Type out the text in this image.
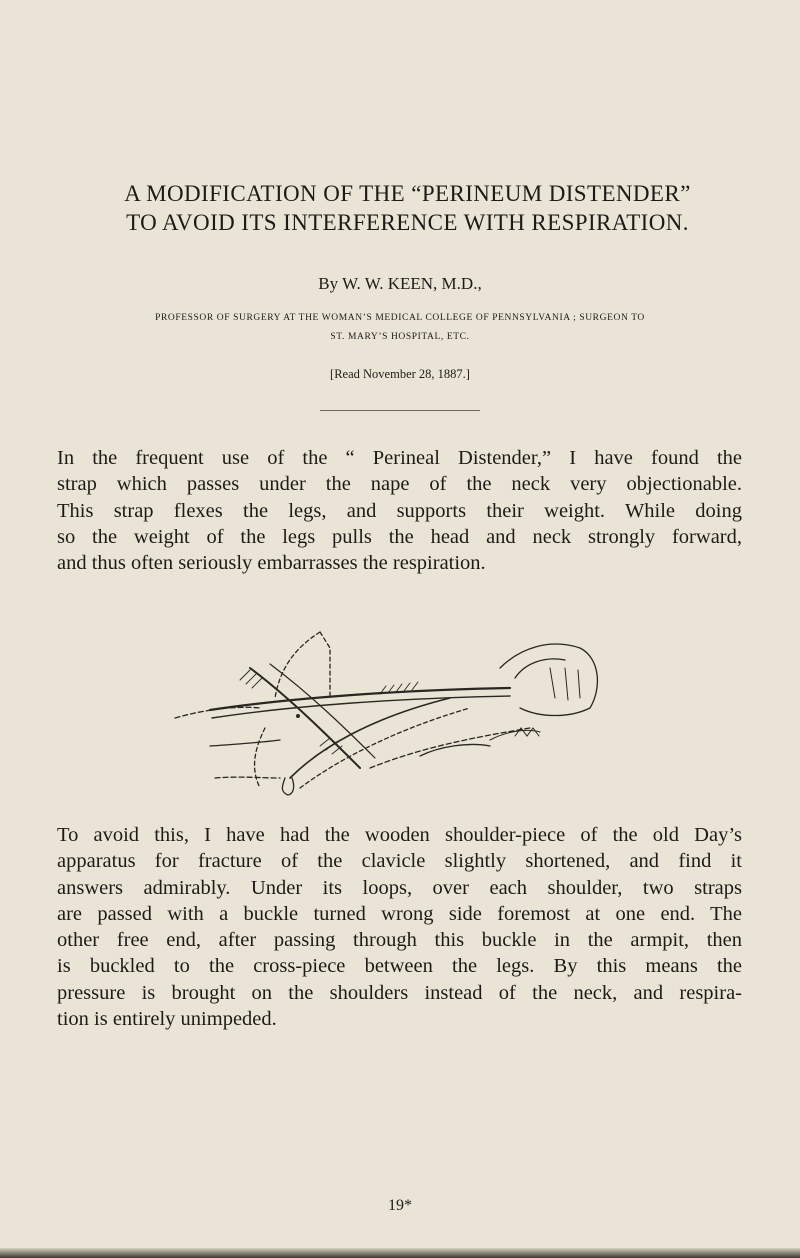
A MODIFICATION OF THE “PERINEUM DISTENDER”
TO AVOID ITS INTERFERENCE WITH RESPIRATION.
By W. W. KEEN, M.D.,
PROFESSOR OF SURGERY AT THE WOMAN’S MEDICAL COLLEGE OF PENNSYLVANIA ; SURGEON TO
ST. MARY’S HOSPITAL, ETC.
[Read November 28, 1887.]
In the frequent use of the “ Perineal Distender,” I have found the
strap which passes under the nape of the neck very objectionable.
This strap flexes the legs, and supports their weight. While doing
so the weight of the legs pulls the head and neck strongly forward,
and thus often seriously embarrasses the respiration.
To avoid this, I have had the wooden shoulder-piece of the old Day’s
apparatus for fracture of the clavicle slightly shortened, and find it
answers admirably. Under its loops, over each shoulder, two straps
are passed with a buckle turned wrong side foremost at one end. The
other free end, after passing through this buckle in the armpit, then
is buckled to the cross-piece between the legs. By this means the
pressure is brought on the shoulders instead of the neck, and respira-
tion is entirely unimpeded.
19*
